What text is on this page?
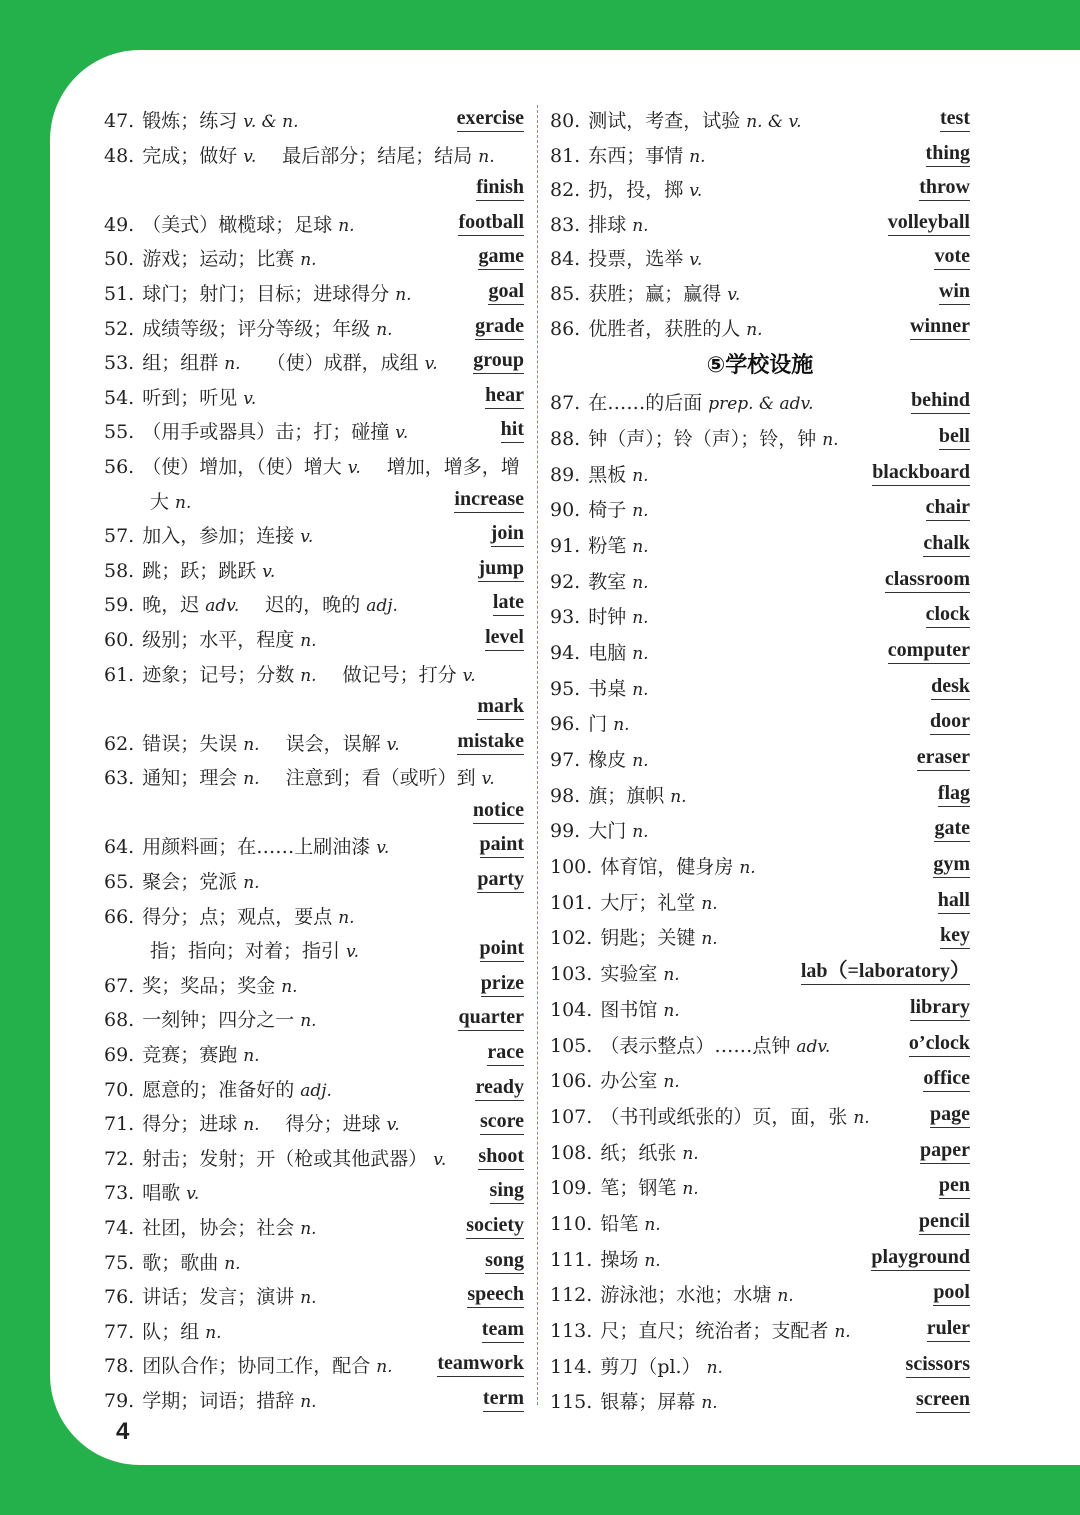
47. 锻炼；练习 v. & n.	exercise
48. 完成；做好 v. 最后部分；结尾；结局 n.
finish
49. （美式）橄榄球；足球 n.	football
50. 游戏；运动；比赛 n.	game
51. 球门；射门；目标；进球得分 n.	goal
52. 成绩等级；评分等级；年级 n.	grade
53. 组；组群 n. （使）成群，成组 v. group
54. 听到；听见 v.	hear
55. （用手或器具）击；打；碰撞 v.	hit
56. （使）增加，（使）增大 v. 增加，增多，增
大 n.	increase
57. 加入，参加；连接 v.	join
58. 跳；跃；跳跃 v.	jump
59. 晚，迟 adv. 迟的，晚的 adj.	late
60. 级别；水平，程度 n.	level
61. 迹象；记号；分数 n. 做记号；打分 v.
mark
62. 错误；失误 n. 误会，误解 v.	mistake
63. 通知；理会 n. 注意到；看（或听）到 v.
notice
64. 用颜料画；在……上刷油漆 v.	paint
65. 聚会；党派 n.	party
66. 得分；点；观点，要点 n.
指；指向；对着；指引 v.	point
67. 奖；奖品；奖金 n.	prize
68. 一刻钟；四分之一 n.	quarter
69. 竞赛；赛跑 n.	race
70. 愿意的；准备好的 adj.	ready
71. 得分；进球 n. 得分；进球 v.	score
72. 射击；发射；开（枪或其他武器） v. shoot
73. 唱歌 v.	sing
74. 社团，协会；社会 n.	society
75. 歌；歌曲 n.	song
76. 讲话；发言；演讲 n.	speech
77. 队；组 n.	team
78. 团队合作；协同工作，配合 n. teamwork
79. 学期；词语；措辞 n.	term
80. 测试，考查，试验 n. & v.	test
81. 东西；事情 n.	thing
82. 扔，投，掷 v.	throw
83. 排球 n.	volleyball
84. 投票，选举 v.	vote
85. 获胜；赢；赢得 v.	win
86. 优胜者，获胜的人 n.	winner
⑤学校设施
87. 在……的后面 prep. & adv.	behind
88. 钟（声）；铃（声）；铃，钟 n.	bell
89. 黑板 n.	blackboard
90. 椅子 n.	chair
91. 粉笔 n.	chalk
92. 教室 n.	classroom
93. 时钟 n.	clock
94. 电脑 n.	computer
95. 书桌 n.	desk
96. 门 n.	door
97. 橡皮 n.	eraser
98. 旗；旗帜 n.	flag
99. 大门 n.	gate
100. 体育馆，健身房 n.	gym
101. 大厅；礼堂 n.	hall
102. 钥匙；关键 n.	key
103. 实验室 n.	lab（=laboratory）
104. 图书馆 n.	library
105. （表示整点）……点钟 adv.	o’clock
106. 办公室 n.	office
107. （书刊或纸张的）页，面，张 n.	page
108. 纸；纸张 n.	paper
109. 笔；钢笔 n.	pen
110. 铅笔 n.	pencil
111. 操场 n.	playground
112. 游泳池；水池；水塘 n.	pool
113. 尺；直尺；统治者；支配者 n.	ruler
114. 剪刀（pl.） n.	scissors
115. 银幕；屏幕 n.	screen
4
